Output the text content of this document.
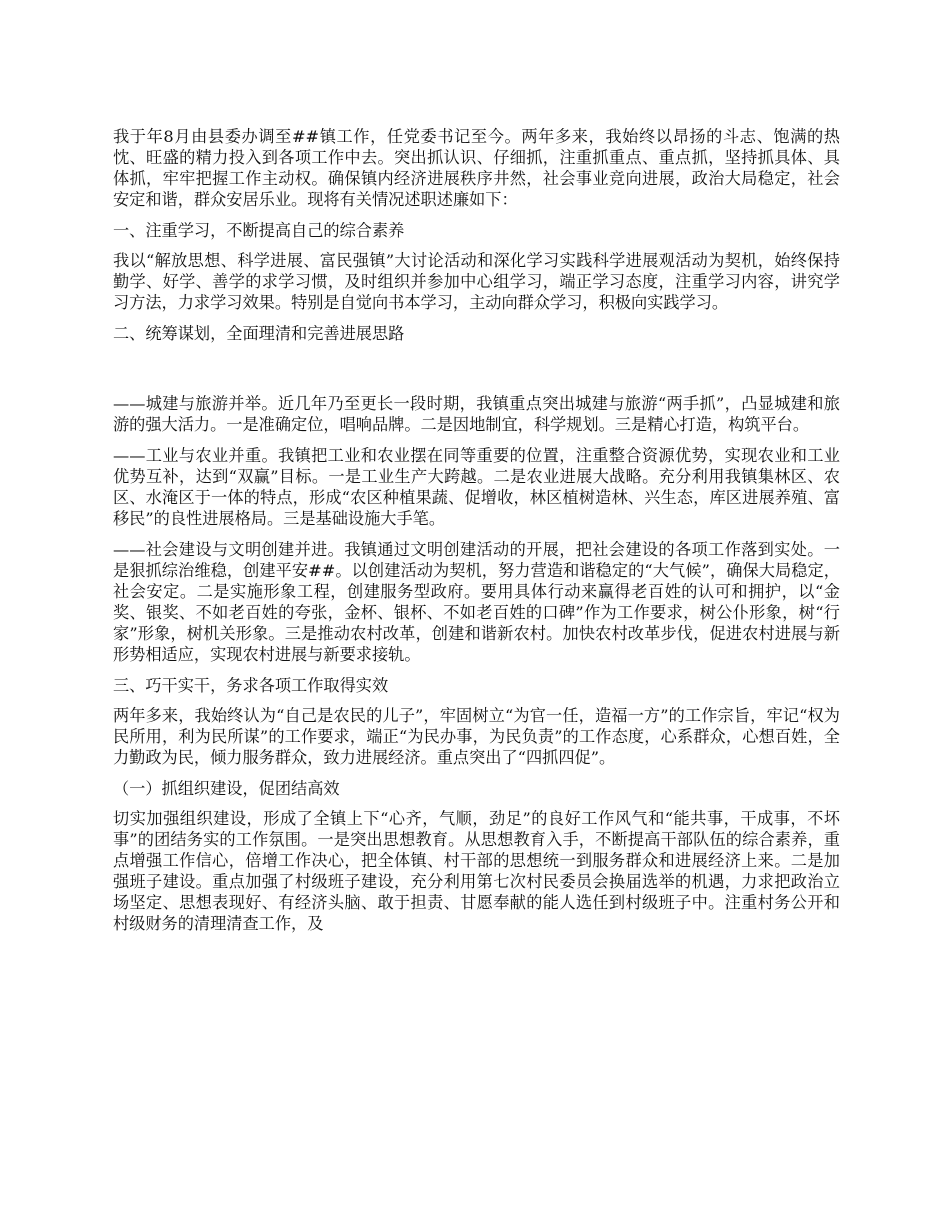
我于年8月由县委办调至##镇工作，任党委书记至今。两年多来，我始终以昂扬的斗志、饱满的热忱、旺盛的精力投入到各项工作中去。突出抓认识、仔细抓，注重抓重点、重点抓，坚持抓具体、具体抓，牢牢把握工作主动权。确保镇内经济进展秩序井然，社会事业竞向进展，政治大局稳定，社会安定和谐，群众安居乐业。现将有关情况述职述廉如下：

一、注重学习，不断提高自己的综合素养

我以“解放思想、科学进展、富民强镇”大讨论活动和深化学习实践科学进展观活动为契机，始终保持勤学、好学、善学的求学习惯，及时组织并参加中心组学习，端正学习态度，注重学习内容，讲究学习方法，力求学习效果。特别是自觉向书本学习，主动向群众学习，积极向实践学习。

二、统筹谋划，全面理清和完善进展思路

——城建与旅游并举。近几年乃至更长一段时期，我镇重点突出城建与旅游“两手抓”，凸显城建和旅游的强大活力。一是准确定位，唱响品牌。二是因地制宜，科学规划。三是精心打造，构筑平台。

——工业与农业并重。我镇把工业和农业摆在同等重要的位置，注重整合资源优势，实现农业和工业优势互补，达到“双赢”目标。一是工业生产大跨越。二是农业进展大战略。充分利用我镇集林区、农区、水淹区于一体的特点，形成“农区种植果蔬、促增收，林区植树造林、兴生态，库区进展养殖、富移民”的良性进展格局。三是基础设施大手笔。

——社会建设与文明创建并进。我镇通过文明创建活动的开展，把社会建设的各项工作落到实处。一是狠抓综治维稳，创建平安##。以创建活动为契机，努力营造和谐稳定的“大气候”，确保大局稳定，社会安定。二是实施形象工程，创建服务型政府。要用具体行动来赢得老百姓的认可和拥护，以“金奖、银奖、不如老百姓的夸张，金杯、银杯、不如老百姓的口碑”作为工作要求，树公仆形象，树“行家”形象，树机关形象。三是推动农村改革，创建和谐新农村。加快农村改革步伐，促进农村进展与新形势相适应，实现农村进展与新要求接轨。

三、巧干实干，务求各项工作取得实效

两年多来，我始终认为“自己是农民的儿子”，牢固树立“为官一任，造福一方”的工作宗旨，牢记“权为民所用，利为民所谋”的工作要求，端正“为民办事，为民负责”的工作态度，心系群众，心想百姓，全力勤政为民，倾力服务群众，致力进展经济。重点突出了“四抓四促”。

（一）抓组织建设，促团结高效

切实加强组织建设，形成了全镇上下“心齐，气顺，劲足”的良好工作风气和“能共事，干成事，不坏事”的团结务实的工作氛围。一是突出思想教育。从思想教育入手，不断提高干部队伍的综合素养，重点增强工作信心，倍增工作决心，把全体镇、村干部的思想统一到服务群众和进展经济上来。二是加强班子建设。重点加强了村级班子建设，充分利用第七次村民委员会换届选举的机遇，力求把政治立场坚定、思想表现好、有经济头脑、敢于担责、甘愿奉献的能人选任到村级班子中。注重村务公开和村级财务的清理清查工作，及
